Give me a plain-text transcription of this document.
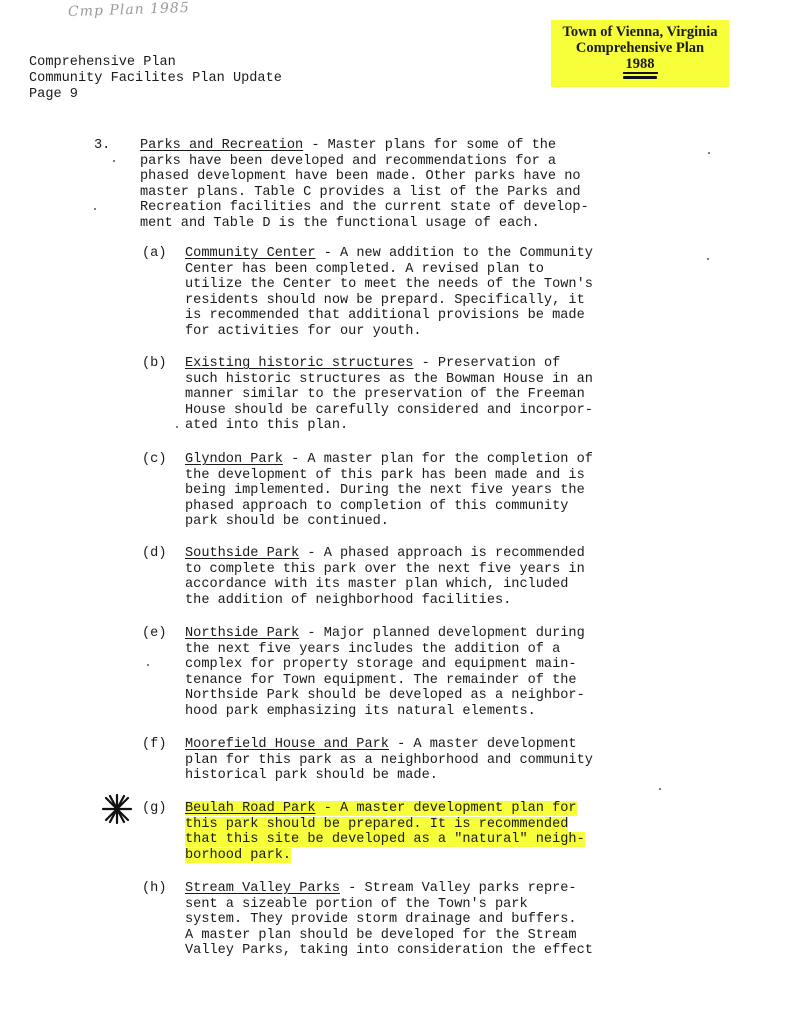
Cmp Plan 1985
Town of Vienna, Virginia
Comprehensive Plan
1988
Comprehensive Plan
Community Facilites Plan Update
Page 9
3. Parks and Recreation - Master plans for some of the
parks have been developed and recommendations for a
phased development have been made. Other parks have no
master plans. Table C provides a list of the Parks and
Recreation facilities and the current state of develop-
ment and Table D is the functional usage of each.
(a) Community Center - A new addition to the Community
Center has been completed. A revised plan to
utilize the Center to meet the needs of the Town's
residents should now be prepard. Specifically, it
is recommended that additional provisions be made
for activities for our youth.
(b) Existing historic structures - Preservation of
such historic structures as the Bowman House in an
manner similar to the preservation of the Freeman
House should be carefully considered and incorpor-
ated into this plan.
(c) Glyndon Park - A master plan for the completion of
the development of this park has been made and is
being implemented. During the next five years the
phased approach to completion of this community
park should be continued.
(d) Southside Park - A phased approach is recommended
to complete this park over the next five years in
accordance with its master plan which, included
the addition of neighborhood facilities.
(e) Northside Park - Major planned development during
the next five years includes the addition of a
complex for property storage and equipment main-
tenance for Town equipment. The remainder of the
Northside Park should be developed as a neighbor-
hood park emphasizing its natural elements.
(f) Moorefield House and Park - A master development
plan for this park as a neighborhood and community
historical park should be made.
(g) Beulah Road Park - A master development plan for
this park should be prepared. It is recommended
that this site be developed as a "natural" neigh-
borhood park.
(h) Stream Valley Parks - Stream Valley parks repre-
sent a sizeable portion of the Town's park
system. They provide storm drainage and buffers.
A master plan should be developed for the Stream
Valley Parks, taking into consideration the effect
